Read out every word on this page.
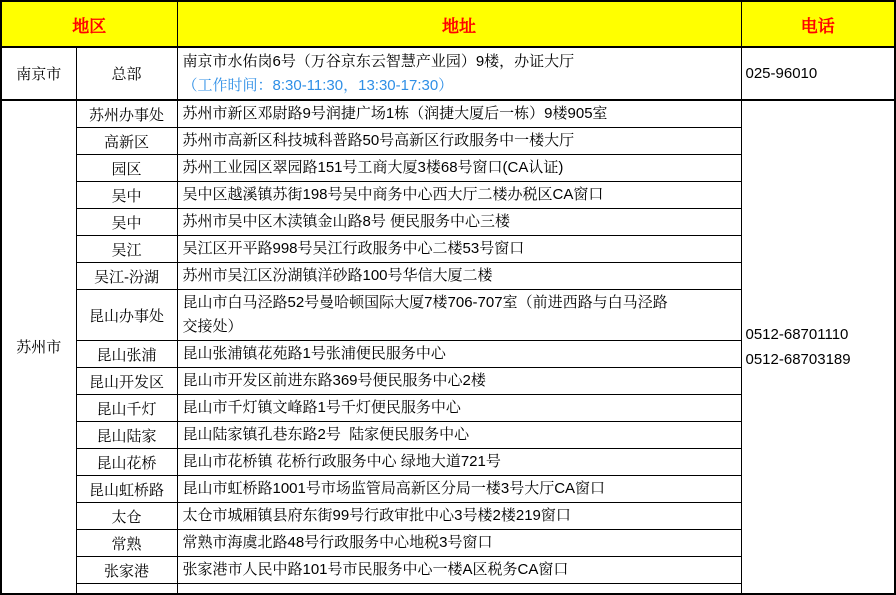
地区		地址	电话
南京市	总部	南京市水佑岗6号（万谷京东云智慧产业园）9楼，办证大厅
（工作时间：8:30-11:30，13:30-17:30）	025-96010

苏州市	苏州办事处	苏州市新区邓尉路9号润捷广场1栋（润捷大厦后一栋）9楼905室	0512-68701110
0512-68703189

	高新区	苏州市高新区科技城科普路50号高新区行政服务中一楼大厅	

	园区	苏州工业园区翠园路151号工商大厦3楼68号窗口(CA认证)	

	吴中	吴中区越溪镇苏街198号吴中商务中心西大厅二楼办税区CA窗口	

	吴中	苏州市吴中区木渎镇金山路8号 便民服务中心三楼	

	吴江	吴江区开平路998号吴江行政服务中心二楼53号窗口	

	吴江-汾湖	苏州市吴江区汾湖镇洋砂路100号华信大厦二楼	

	昆山办事处	昆山市白马泾路52号曼哈顿国际大厦7楼706-707室（前进西路与白马泾路
交接处）	

	昆山张浦	昆山张浦镇花苑路1号张浦便民服务中心	

	昆山开发区	昆山市开发区前进东路369号便民服务中心2楼	

	昆山千灯	昆山市千灯镇文峰路1号千灯便民服务中心	

	昆山陆家	昆山陆家镇孔巷东路2号  陆家便民服务中心	

	昆山花桥	昆山市花桥镇 花桥行政服务中心 绿地大道721号	

	昆山虹桥路	昆山市虹桥路1001号市场监管局高新区分局一楼3号大厅CA窗口	

	太仓	太仓市城厢镇县府东街99号行政审批中心3号楼2楼219窗口	

	常熟	常熟市海虞北路48号行政服务中心地税3号窗口	

	张家港	张家港市人民中路101号市民服务中心一楼A区税务CA窗口	
